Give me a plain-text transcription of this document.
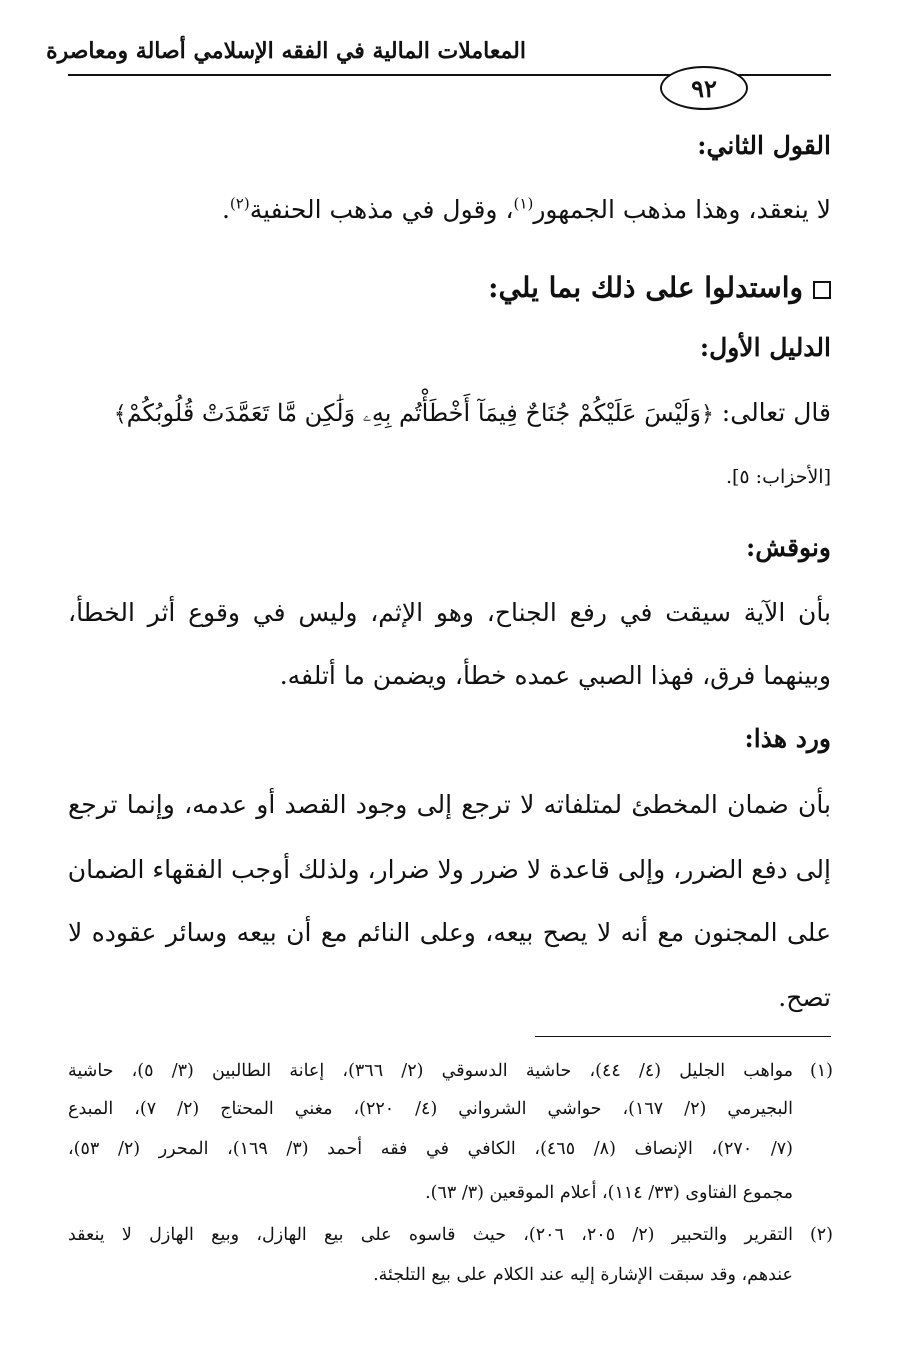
المعاملات المالية في الفقه الإسلامي أصالة ومعاصرة
٩٢
القول الثاني:
لا ينعقد، وهذا مذهب الجمهور$^{(١)}$، وقول في مذهب الحنفية$^{(٢)}$.
واستدلوا على ذلك بما يلي:
الدليل الأول:
قال تعالى: ﴿وَلَيْسَ عَلَيْكُمْ جُنَاحٌ فِيمَآ أَخْطَأْتُم بِهِۦ وَلَٰكِن مَّا تَعَمَّدَتْ قُلُوبُكُمْ﴾
[الأحزاب: ٥].
ونوقش:
بأن الآية سيقت في رفع الجناح، وهو الإثم، وليس في وقوع أثر الخطأ،
وبينهما فرق، فهذا الصبي عمده خطأ، ويضمن ما أتلفه.
ورد هذا:
بأن ضمان المخطئ لمتلفاته لا ترجع إلى وجود القصد أو عدمه، وإنما ترجع
إلى دفع الضرر، وإلى قاعدة لا ضرر ولا ضرار، ولذلك أوجب الفقهاء الضمان
على المجنون مع أنه لا يصح بيعه، وعلى النائم مع أن بيعه وسائر عقوده لا
تصح.
(١)
مواهب الجليل (٤/ ٤٤)، حاشية الدسوقي (٢/ ٣٦٦)، إعانة الطالبين (٣/ ٥)، حاشية
البجيرمي (٢/ ١٦٧)، حواشي الشرواني (٤/ ٢٢٠)، مغني المحتاج (٢/ ٧)، المبدع
(٧/ ٢٧٠)، الإنصاف (٨/ ٤٦٥)، الكافي في فقه أحمد (٣/ ١٦٩)، المحرر (٢/ ٥٣)،
مجموع الفتاوى (٣٣/ ١١٤)، أعلام الموقعين (٣/ ٦٣).
(٢)
التقرير والتحبير (٢/ ٢٠٥، ٢٠٦)، حيث قاسوه على بيع الهازل، وبيع الهازل لا ينعقد
عندهم، وقد سبقت الإشارة إليه عند الكلام على بيع التلجئة.
